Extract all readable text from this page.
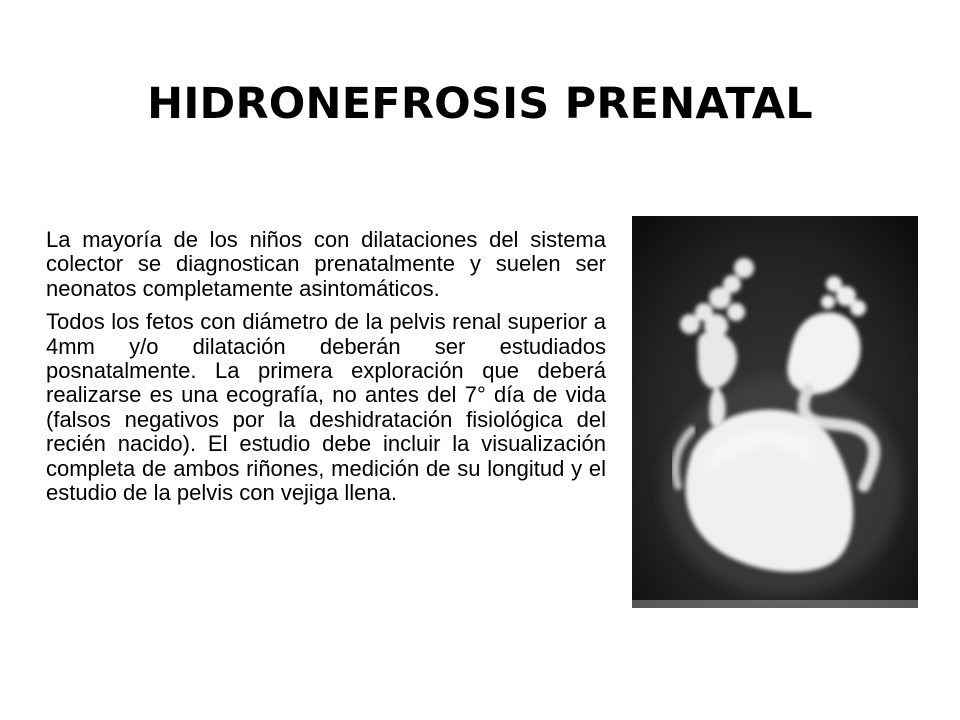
HIDRONEFROSIS PRENATAL

La mayoría de los niños con dilataciones del sistema colector se diagnostican prenatalmente y suelen ser neonatos completamente asintomáticos.

Todos los fetos con diámetro de la pelvis renal superior a 4mm y/o dilatación deberán ser estudiados posnatalmente. La primera exploración que deberá realizarse es una ecografía, no antes del 7° día de vida (falsos negativos por la deshidratación fisiológica del recién nacido). El estudio debe incluir la visualización completa de ambos riñones, medición de su longitud y el estudio de la pelvis con vejiga llena.
